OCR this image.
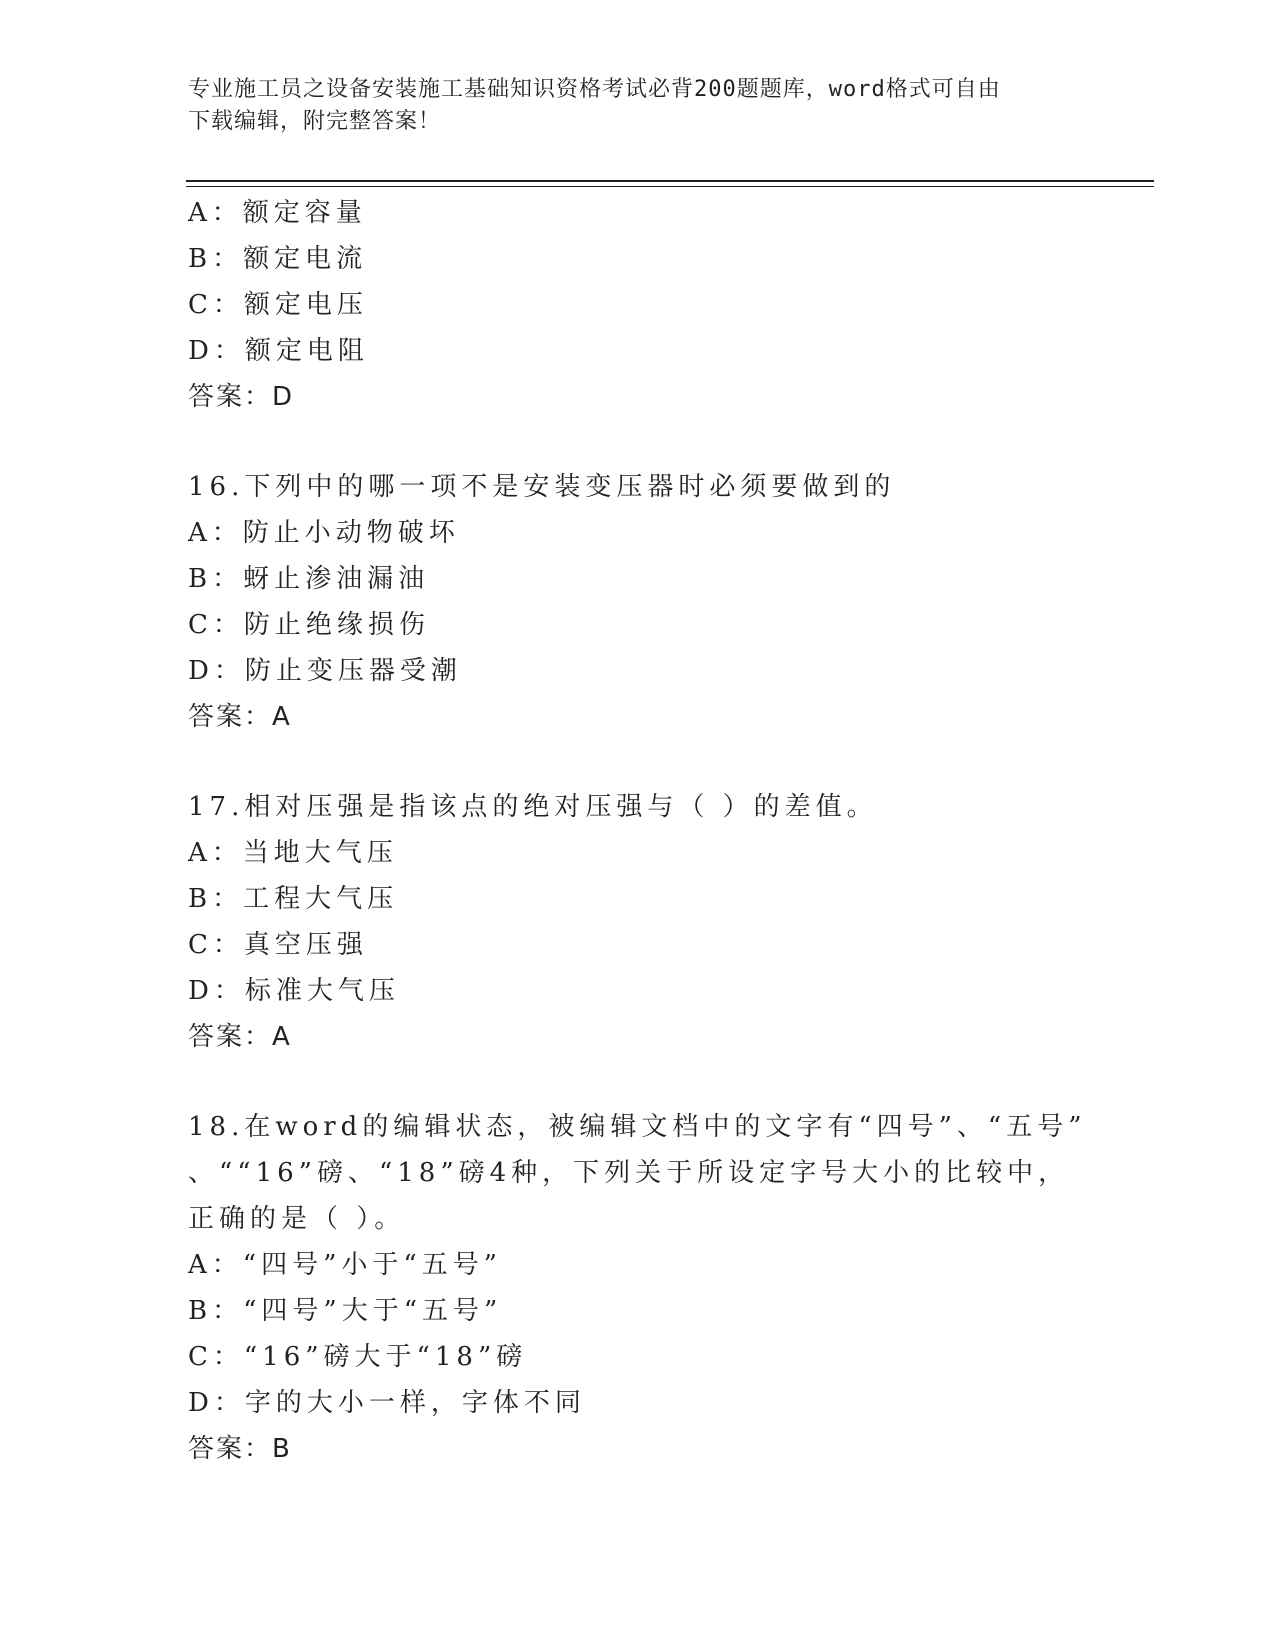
专业施工员之设备安装施工基础知识资格考试必背200题题库，word格式可自由
下载编辑，附完整答案！
A：额定容量
B：额定电流
C：额定电压
D：额定电阻
答案：D
16.下列中的哪一项不是安装变压器时必须要做到的
A：防止小动物破坏
B：蚜止渗油漏油
C：防止绝缘损伤
D：防止变压器受潮
答案：A
17.相对压强是指该点的绝对压强与（ ）的差值。
A：当地大气压
B：工程大气压
C：真空压强
D：标准大气压
答案：A
18.在word的编辑状态，被编辑文档中的文字有“四号”、“五号”
、““16”磅、“18”磅4种，下列关于所设定字号大小的比较中，
正确的是（ ）。
A：“四号”小于“五号”
B：“四号”大于“五号”
C：“16”磅大于“18”磅
D：字的大小一样，字体不同
答案：B
